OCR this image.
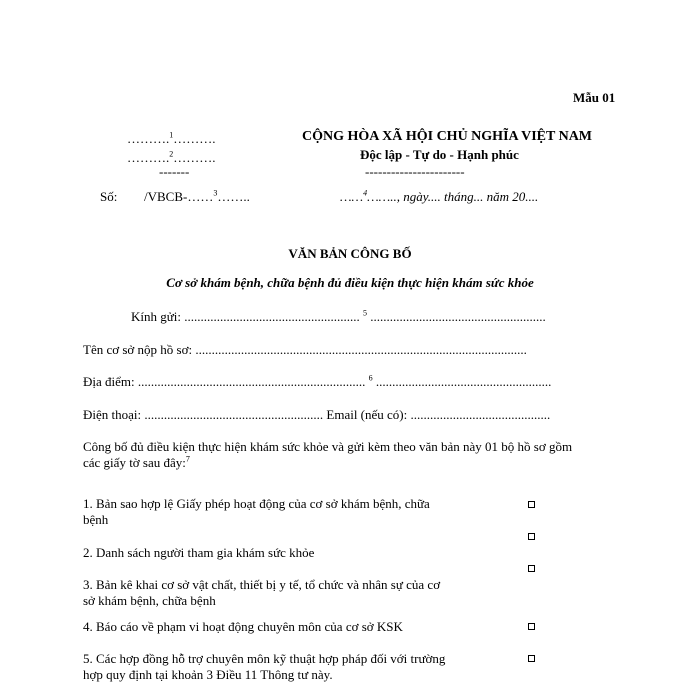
Mẫu 01
……….$^1$……….
……….$^2$……….
-------
CỘNG HÒA XÃ HỘI CHỦ NGHĨA VIỆT NAM
Độc lập - Tự do - Hạnh phúc
-----------------------
Số: /VBCB-……$^3$……..	……$^4$…….., ngày.... tháng... năm 20....
VĂN BẢN CÔNG BỐ
Cơ sở khám bệnh, chữa bệnh đủ điều kiện thực hiện khám sức khỏe
Kính gửi: ...................................................... $^5$ ......................................................
Tên cơ sở nộp hồ sơ: ......................................................................................................
Địa điểm: ...................................................................... $^6$ ......................................................
Điện thoại: ....................................................... Email (nếu có): ...........................................
Công bố đủ điều kiện thực hiện khám sức khỏe và gửi kèm theo văn bản này 01 bộ hồ sơ gồm
các giấy tờ sau đây:$^7$
1. Bản sao hợp lệ Giấy phép hoạt động của cơ sở khám bệnh, chữa
bệnh
2. Danh sách người tham gia khám sức khỏe
3. Bản kê khai cơ sở vật chất, thiết bị y tế, tổ chức và nhân sự của cơ
sở khám bệnh, chữa bệnh
4. Báo cáo về phạm vi hoạt động chuyên môn của cơ sở KSK
5. Các hợp đồng hỗ trợ chuyên môn kỹ thuật hợp pháp đối với trường
hợp quy định tại khoản 3 Điều 11 Thông tư này.
